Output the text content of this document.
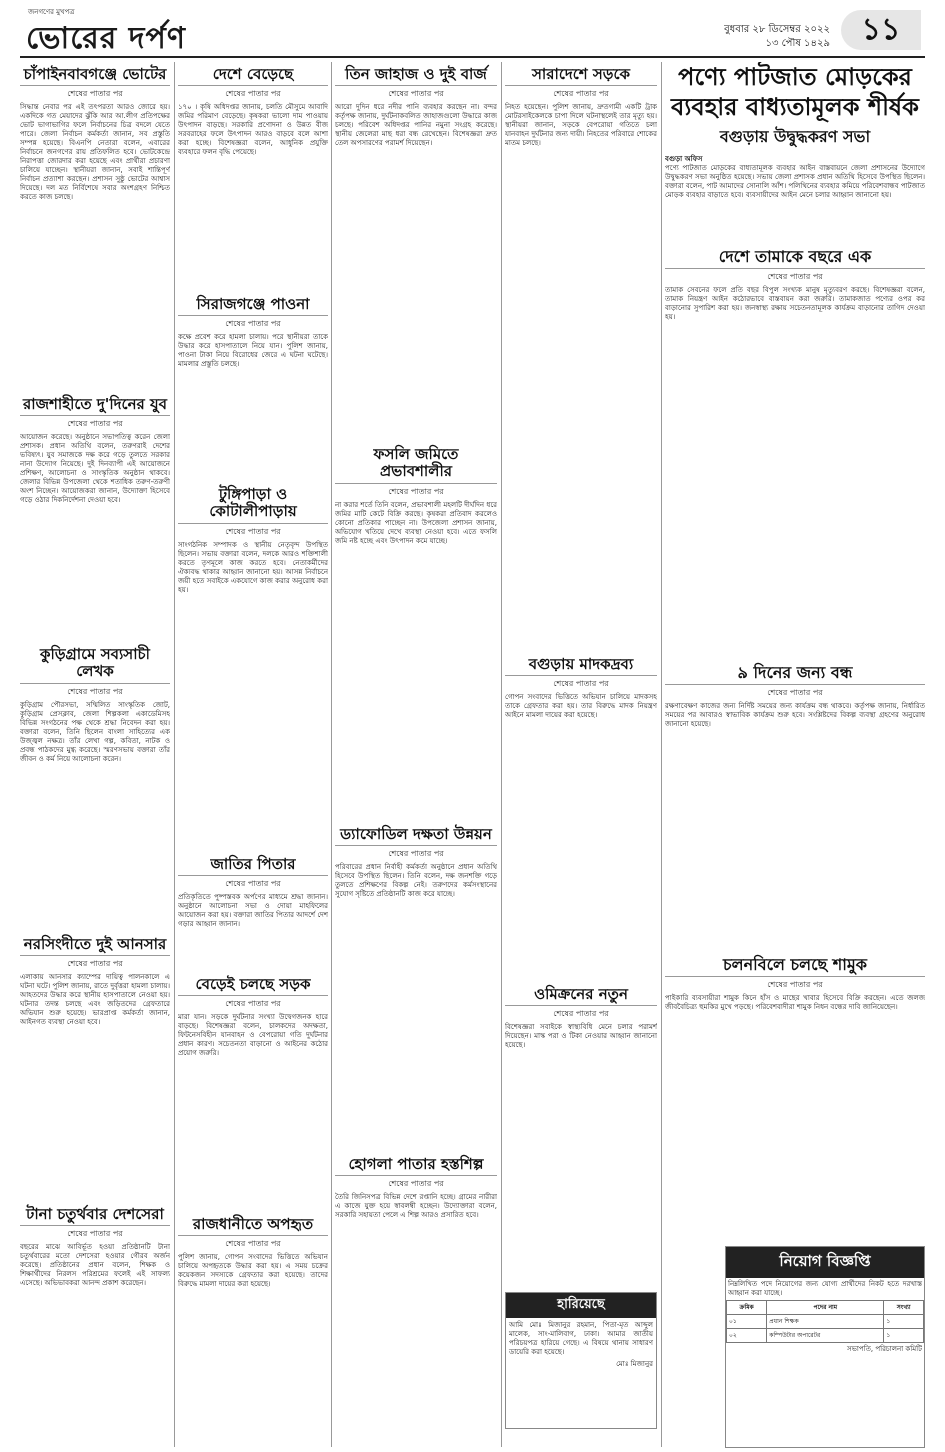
জনগণের মুখপত্র
ভোরের দর্পণ	বুধবার ২৮ ডিসেম্বর ২০২২
১৩ পৌষ ১৪২৯	১১
চাঁপাইনবাবগঞ্জে ভোটের
শেষের পাতার পর
সিদ্ধান্ত নেবার পর এই তৎপরতা আরও জোরে হয়। একদিকে গত মেয়াদের ঝুঁকি আর আ.লীগ প্রতিপক্ষের ভোট ভাগাভাগির ফলে নির্বাচনের চিত্র বদলে যেতে পারে। জেলা নির্বাচন কর্মকর্তা জানান, সব প্রস্তুতি সম্পন্ন হয়েছে। বিএনপি নেতারা বলেন, এবারের নির্বাচনে জনগণের রায় প্রতিফলিত হবে। ভোটকেন্দ্রে নিরাপত্তা জোরদার করা হয়েছে এবং প্রার্থীরা প্রচারণা চালিয়ে যাচ্ছেন। স্থানীয়রা জানান, সবাই শান্তিপূর্ণ নির্বাচন প্রত্যাশা করছেন। প্রশাসন সুষ্ঠু ভোটের আশ্বাস দিয়েছে। দল মত নির্বিশেষে সবার অংশগ্রহণ নিশ্চিত করতে কাজ চলছে।
রাজশাহীতে দু'দিনের যুব
শেষের পাতার পর
আয়োজন করেছে। অনুষ্ঠানে সভাপতিত্ব করেন জেলা প্রশাসক। প্রধান অতিথি বলেন, তরুণরাই দেশের ভবিষ্যৎ। যুব সমাজকে দক্ষ করে গড়ে তুলতে সরকার নানা উদ্যোগ নিয়েছে। দুই দিনব্যাপী এই আয়োজনে প্রশিক্ষণ, আলোচনা ও সাংস্কৃতিক অনুষ্ঠান থাকবে। জেলার বিভিন্ন উপজেলা থেকে শতাধিক তরুণ-তরুণী অংশ নিচ্ছেন। আয়োজকরা জানান, উদ্যোক্তা হিসেবে গড়ে ওঠার দিকনির্দেশনা দেওয়া হবে।
কুড়িগ্রামে সব্যসাচী লেখক
শেষের পাতার পর
কুড়িগ্রাম পৌরসভা, সম্মিলিত সাংস্কৃতিক জোট, কুড়িগ্রাম প্রেসক্লাব, জেলা শিল্পকলা একাডেমিসহ বিভিন্ন সংগঠনের পক্ষ থেকে শ্রদ্ধা নিবেদন করা হয়। বক্তারা বলেন, তিনি ছিলেন বাংলা সাহিত্যের এক উজ্জ্বল নক্ষত্র। তাঁর লেখা গল্প, কবিতা, নাটক ও প্রবন্ধ পাঠকদের মুগ্ধ করেছে। স্মরণসভায় বক্তারা তাঁর জীবন ও কর্ম নিয়ে আলোচনা করেন।
নরসিংদীতে দুই আনসার
শেষের পাতার পর
এলাকায় আনসার ক্যাম্পের দায়িত্ব পালনকালে এ ঘটনা ঘটে। পুলিশ জানায়, রাতে দুর্বৃত্তরা হামলা চালায়। আহতদের উদ্ধার করে স্থানীয় হাসপাতালে নেওয়া হয়। ঘটনার তদন্ত চলছে এবং জড়িতদের গ্রেফতারে অভিযান শুরু হয়েছে। ভারপ্রাপ্ত কর্মকর্তা জানান, আইনগত ব্যবস্থা নেওয়া হবে।
টানা চতুর্থবার দেশসেরা
শেষের পাতার পর
বছরের মাঝে আবির্ভূত হওয়া প্রতিষ্ঠানটি টানা চতুর্থবারের মতো দেশসেরা হওয়ার গৌরব অর্জন করেছে। প্রতিষ্ঠানের প্রধান বলেন, শিক্ষক ও শিক্ষার্থীদের নিরলস পরিশ্রমের ফলেই এই সাফল্য এসেছে। অভিভাবকরা আনন্দ প্রকাশ করেছেন।
দেশে বেড়েছে
শেষের পাতার পর
১৭০ । কৃষি অধিদপ্তর জানায়, চলতি মৌসুমে আবাদি জমির পরিমাণ বেড়েছে। কৃষকরা ভালো দাম পাওয়ায় উৎপাদন বাড়ছে। সরকারি প্রণোদনা ও উন্নত বীজ সরবরাহের ফলে উৎপাদন আরও বাড়বে বলে আশা করা হচ্ছে। বিশেষজ্ঞরা বলেন, আধুনিক প্রযুক্তি ব্যবহারে ফলন বৃদ্ধি পেয়েছে।
সিরাজগঞ্জে পাওনা
শেষের পাতার পর
কক্ষে প্রবেশ করে হামলা চালায়। পরে স্থানীয়রা তাকে উদ্ধার করে হাসপাতালে নিয়ে যান। পুলিশ জানায়, পাওনা টাকা নিয়ে বিরোধের জেরে এ ঘটনা ঘটেছে। মামলার প্রস্তুতি চলছে।
টুঙ্গিপাড়া ও কোটালীপাড়ায়
শেষের পাতার পর
সাংগঠনিক সম্পাদক ও স্থানীয় নেতৃবৃন্দ উপস্থিত ছিলেন। সভায় বক্তারা বলেন, দলকে আরও শক্তিশালী করতে তৃণমূলে কাজ করতে হবে। নেতাকর্মীদের ঐক্যবদ্ধ থাকার আহ্বান জানানো হয়। আসন্ন নির্বাচনে জয়ী হতে সবাইকে একযোগে কাজ করার অনুরোধ করা হয়।
জাতির পিতার
শেষের পাতার পর
প্রতিকৃতিতে পুষ্পস্তবক অর্পণের মাধ্যমে শ্রদ্ধা জানান। অনুষ্ঠানে আলোচনা সভা ও দোয়া মাহফিলের আয়োজন করা হয়। বক্তারা জাতির পিতার আদর্শে দেশ গড়ার আহ্বান জানান।
বেড়েই চলছে সড়ক
শেষের পাতার পর
মারা যান। সড়কে দুর্ঘটনার সংখ্যা উদ্বেগজনক হারে বাড়ছে। বিশেষজ্ঞরা বলেন, চালকদের অদক্ষতা, ফিটনেসবিহীন যানবাহন ও বেপরোয়া গতি দুর্ঘটনার প্রধান কারণ। সচেতনতা বাড়ানো ও আইনের কঠোর প্রয়োগ জরুরি।
রাজধানীতে অপহৃত
শেষের পাতার পর
পুলিশ জানায়, গোপন সংবাদের ভিত্তিতে অভিযান চালিয়ে অপহৃতকে উদ্ধার করা হয়। এ সময় চক্রের কয়েকজন সদস্যকে গ্রেফতার করা হয়েছে। তাদের বিরুদ্ধে মামলা দায়ের করা হয়েছে।
তিন জাহাজ ও দুই বার্জ
শেষের পাতার পর
আরো দুদিন ধরে নদীর পানি ব্যবহার করছেন না। বন্দর কর্তৃপক্ষ জানায়, দুর্ঘটনাকবলিত জাহাজগুলো উদ্ধারে কাজ চলছে। পরিবেশ অধিদপ্তর পানির নমুনা সংগ্রহ করেছে। স্থানীয় জেলেরা মাছ ধরা বন্ধ রেখেছেন। বিশেষজ্ঞরা দ্রুত তেল অপসারণের পরামর্শ দিয়েছেন।
ফসলি জমিতে প্রভাবশালীর
শেষের পাতার পর
না করার শর্তে তিনি বলেন, প্রভাবশালী মহলটি দীর্ঘদিন ধরে জমির মাটি কেটে বিক্রি করছে। কৃষকরা প্রতিবাদ করলেও কোনো প্রতিকার পাচ্ছেন না। উপজেলা প্রশাসন জানায়, অভিযোগ খতিয়ে দেখে ব্যবস্থা নেওয়া হবে। এতে ফসলি জমি নষ্ট হচ্ছে এবং উৎপাদন কমে যাচ্ছে।
ড্যাফোডিল দক্ষতা উন্নয়ন
শেষের পাতার পর
পরিবারের প্রধান নির্বাহী কর্মকর্তা অনুষ্ঠানে প্রধান অতিথি হিসেবে উপস্থিত ছিলেন। তিনি বলেন, দক্ষ জনশক্তি গড়ে তুলতে প্রশিক্ষণের বিকল্প নেই। তরুণদের কর্মসংস্থানের সুযোগ সৃষ্টিতে প্রতিষ্ঠানটি কাজ করে যাচ্ছে।
হোগলা পাতার হস্তশিল্প
শেষের পাতার পর
তৈরি জিনিসপত্র বিভিন্ন দেশে রপ্তানি হচ্ছে। গ্রামের নারীরা এ কাজে যুক্ত হয়ে স্বাবলম্বী হচ্ছেন। উদ্যোক্তারা বলেন, সরকারি সহায়তা পেলে এ শিল্প আরও প্রসারিত হবে।
সারাদেশে সড়কে
শেষের পাতার পর
নিহত হয়েছেন। পুলিশ জানায়, দ্রুতগামী একটি ট্রাক মোটরসাইকেলকে চাপা দিলে ঘটনাস্থলেই তার মৃত্যু হয়। স্থানীয়রা জানান, সড়কে বেপরোয়া গতিতে চলা যানবাহন দুর্ঘটনার জন্য দায়ী। নিহতের পরিবারে শোকের মাতম চলছে।
বগুড়ায় মাদকদ্রব্য
শেষের পাতার পর
গোপন সংবাদের ভিত্তিতে অভিযান চালিয়ে মাদকসহ তাকে গ্রেফতার করা হয়। তার বিরুদ্ধে মাদক নিয়ন্ত্রণ আইনে মামলা দায়ের করা হয়েছে।
ওমিক্রনের নতুন
শেষের পাতার পর
বিশেষজ্ঞরা সবাইকে স্বাস্থ্যবিধি মেনে চলার পরামর্শ দিয়েছেন। মাস্ক পরা ও টিকা নেওয়ার আহ্বান জানানো হয়েছে।
হারিয়েছে
আমি মোঃ মিজানুর রহমান, পিতা-মৃত আব্দুল মালেক, সাং-মালিবাগ, ঢাকা। আমার জাতীয় পরিচয়পত্র হারিয়ে গেছে। এ বিষয়ে থানায় সাধারণ ডায়েরি করা হয়েছে।
মোঃ মিজানুর
পণ্যে পাটজাত মোড়কের
ব্যবহার বাধ্যতামূলক শীর্ষক
বগুড়ায় উদ্বুদ্ধকরণ সভা
বগুড়া অফিস
পণ্যে পাটজাত মোড়কের বাধ্যতামূলক ব্যবহার আইন বাস্তবায়নে জেলা প্রশাসনের উদ্যোগে উদ্বুদ্ধকরণ সভা অনুষ্ঠিত হয়েছে। সভায় জেলা প্রশাসক প্রধান অতিথি হিসেবে উপস্থিত ছিলেন। বক্তারা বলেন, পাট আমাদের সোনালি আঁশ। পলিথিনের ব্যবহার কমিয়ে পরিবেশবান্ধব পাটজাত মোড়ক ব্যবহার বাড়াতে হবে। ব্যবসায়ীদের আইন মেনে চলার আহ্বান জানানো হয়।
দেশে তামাকে বছরে এক
শেষের পাতার পর
তামাক সেবনের ফলে প্রতি বছর বিপুল সংখ্যক মানুষ মৃত্যুবরণ করছে। বিশেষজ্ঞরা বলেন, তামাক নিয়ন্ত্রণ আইন কঠোরভাবে বাস্তবায়ন করা জরুরি। তামাকজাত পণ্যের ওপর কর বাড়ানোর সুপারিশ করা হয়। জনস্বাস্থ্য রক্ষায় সচেতনতামূলক কার্যক্রম বাড়ানোর তাগিদ দেওয়া হয়।
৯ দিনের জন্য বন্ধ
শেষের পাতার পর
রক্ষণাবেক্ষণ কাজের জন্য নির্দিষ্ট সময়ের জন্য কার্যক্রম বন্ধ থাকবে। কর্তৃপক্ষ জানায়, নির্ধারিত সময়ের পর আবারও স্বাভাবিক কার্যক্রম শুরু হবে। সংশ্লিষ্টদের বিকল্প ব্যবস্থা গ্রহণের অনুরোধ জানানো হয়েছে।
চলনবিলে চলছে শামুক
শেষের পাতার পর
পাইকারি ব্যবসায়ীরা শামুক কিনে হাঁস ও মাছের খাবার হিসেবে বিক্রি করছেন। এতে জলজ জীববৈচিত্র্য হুমকির মুখে পড়ছে। পরিবেশবাদীরা শামুক নিধন বন্ধের দাবি জানিয়েছেন।
নিয়োগ বিজ্ঞপ্তি
নিম্নলিখিত পদে নিয়োগের জন্য যোগ্য প্রার্থীদের নিকট হতে দরখাস্ত আহ্বান করা যাচ্ছে।
ক্রমিক	পদের নাম	সংখ্যা
০১	প্রধান শিক্ষক	১
০২	কম্পিউটার অপারেটর	১
সভাপতি, পরিচালনা কমিটি
